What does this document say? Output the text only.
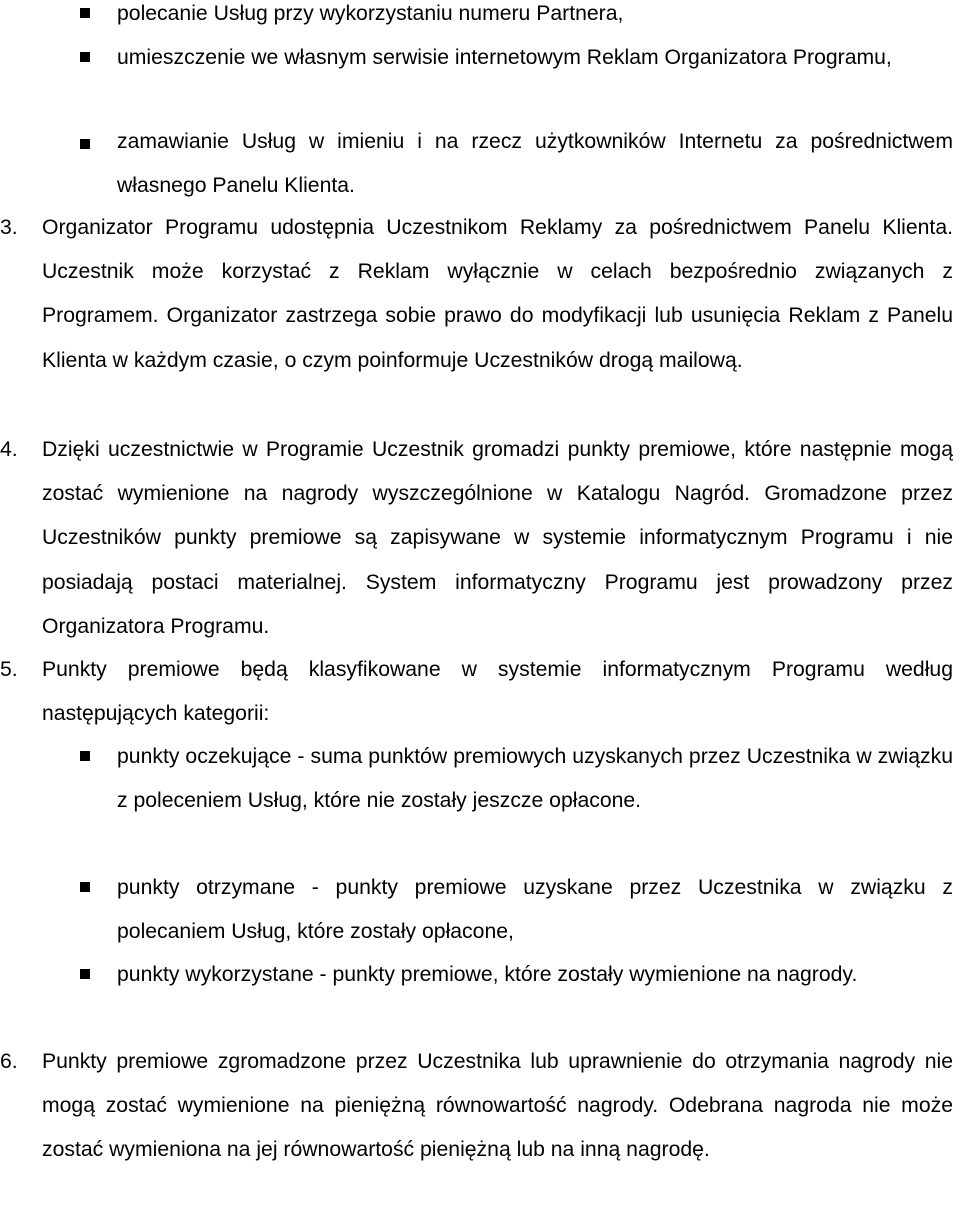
polecanie Usług przy wykorzystaniu numeru Partnera,
umieszczenie we własnym serwisie internetowym Reklam Organizatora Programu,
zamawianie Usług w imieniu i na rzecz użytkowników Internetu za pośrednictwem własnego Panelu Klienta.
3. Organizator Programu udostępnia Uczestnikom Reklamy za pośrednictwem Panelu Klienta. Uczestnik może korzystać z Reklam wyłącznie w celach bezpośrednio związanych z Programem. Organizator zastrzega sobie prawo do modyfikacji lub usunięcia Reklam z Panelu Klienta w każdym czasie, o czym poinformuje Uczestników drogą mailową.
4. Dzięki uczestnictwie w Programie Uczestnik gromadzi punkty premiowe, które następnie mogą zostać wymienione na nagrody wyszczególnione w Katalogu Nagród. Gromadzone przez Uczestników punkty premiowe są zapisywane w systemie informatycznym Programu i nie posiadają postaci materialnej. System informatyczny Programu jest prowadzony przez Organizatora Programu.
5. Punkty premiowe będą klasyfikowane w systemie informatycznym Programu według następujących kategorii:
punkty oczekujące - suma punktów premiowych uzyskanych przez Uczestnika w związku z poleceniem Usług, które nie zostały jeszcze opłacone.
punkty otrzymane - punkty premiowe uzyskane przez Uczestnika w związku z polecaniem Usług, które zostały opłacone,
punkty wykorzystane - punkty premiowe, które zostały wymienione na nagrody.
6. Punkty premiowe zgromadzone przez Uczestnika lub uprawnienie do otrzymania nagrody nie mogą zostać wymienione na pieniężną równowartość nagrody. Odebrana nagroda nie może zostać wymieniona na jej równowartość pieniężną lub na inną nagrodę.
